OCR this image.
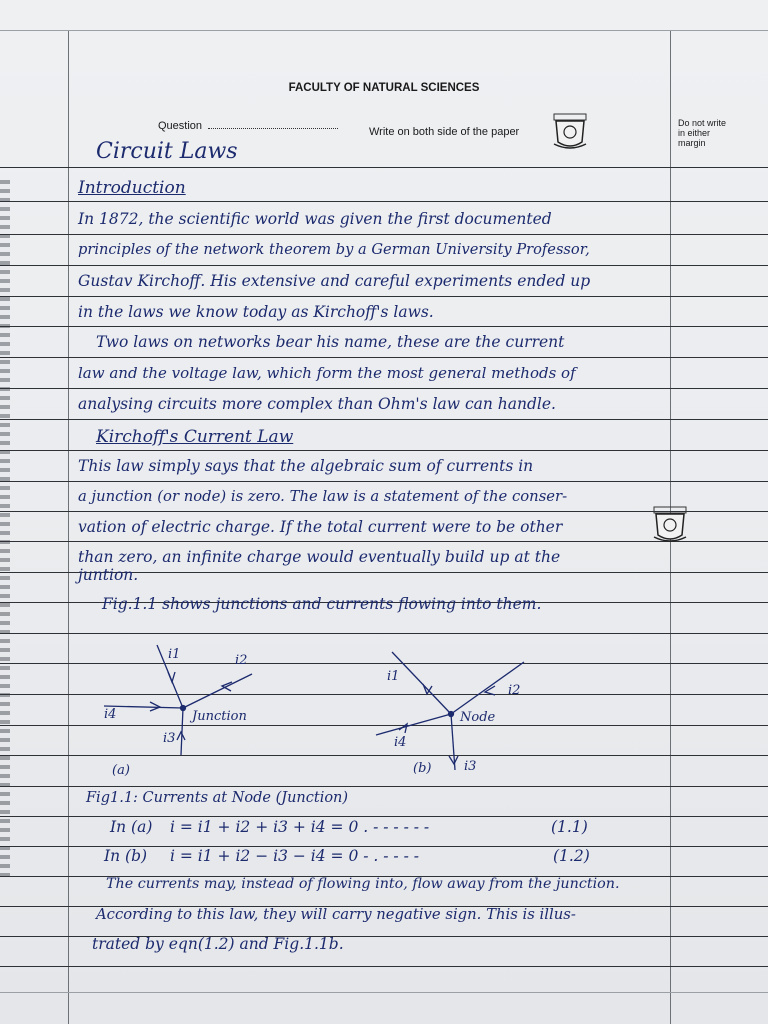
FACULTY OF NATURAL SCIENCES
Question	Write on both side of the paper
Do not write
in either
margin
Circuit Laws
Introduction
In 1872, the scientific world was given the first documented
principles of the network theorem by a German University Professor,
Gustav Kirchoff. His extensive and careful experiments ended up
in the laws we know today as Kirchoff's laws.
Two laws on networks bear his name, these are the current
law and the voltage law, which form the most general methods of
analysing circuits more complex than Ohm's law can handle.
Kirchoff's Current Law
This law simply says that the algebraic sum of currents in
a junction (or node) is zero. The law is a statement of the conser-
vation of electric charge. If the total current were to be other
than zero, an infinite charge would eventually build up at the
juntion.
Fig.1.1 shows junctions and currents flowing into them.
i1	i2
i4
i3
Junction
(a)
i1
i2
i4
i3
Node
(b)
Fig1.1: Currents at Node (Junction)
In (a) i = i1 + i2 + i3 + i4 = 0 . - - - - - -	(1.1)
In (b) i = i1 + i2 − i3 − i4 = 0 - . - - - -	(1.2)
The currents may, instead of flowing into, flow away from the junction.
According to this law, they will carry negative sign. This is illus-
trated by eqn(1.2) and Fig.1.1b.
